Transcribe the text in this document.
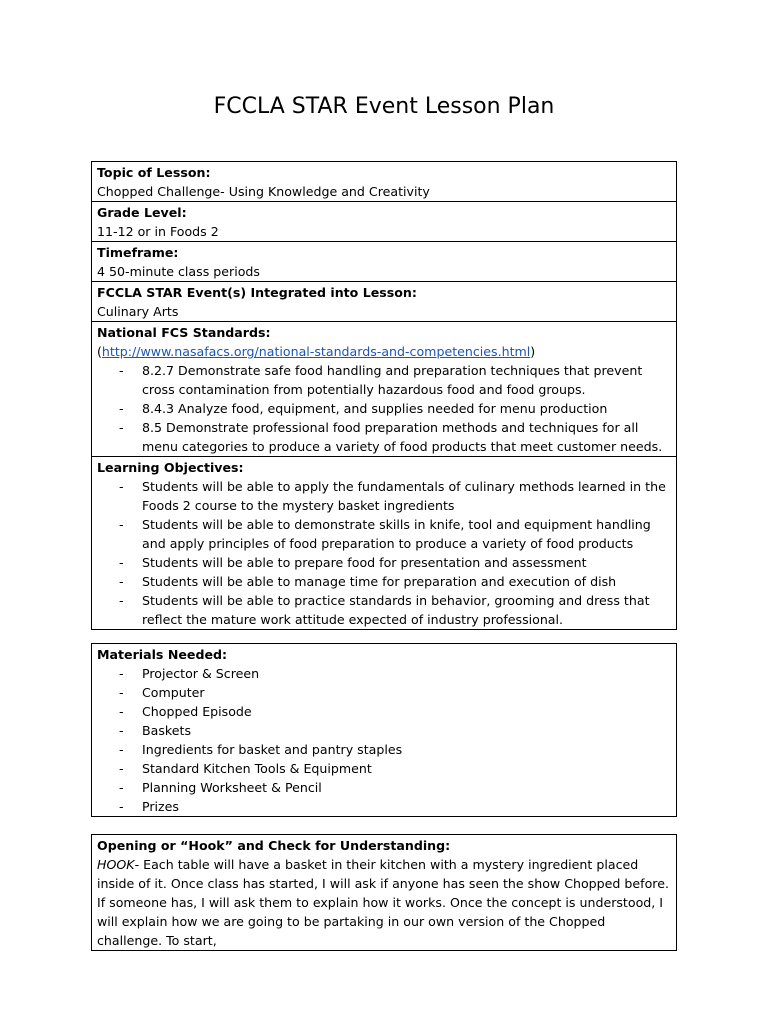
FCCLA STAR Event Lesson Plan
Topic of Lesson:
Chopped Challenge- Using Knowledge and Creativity
Grade Level:
11-12 or in Foods 2
Timeframe:
4 50-minute class periods
FCCLA STAR Event(s) Integrated into Lesson:
Culinary Arts
National FCS Standards:
(http://www.nasafacs.org/national-standards-and-competencies.html)
- 8.2.7 Demonstrate safe food handling and preparation techniques that prevent cross contamination from potentially hazardous food and food groups.
- 8.4.3 Analyze food, equipment, and supplies needed for menu production
- 8.5 Demonstrate professional food preparation methods and techniques for all menu categories to produce a variety of food products that meet customer needs.
Learning Objectives:
- Students will be able to apply the fundamentals of culinary methods learned in the Foods 2 course to the mystery basket ingredients
- Students will be able to demonstrate skills in knife, tool and equipment handling and apply principles of food preparation to produce a variety of food products
- Students will be able to prepare food for presentation and assessment
- Students will be able to manage time for preparation and execution of dish
- Students will be able to practice standards in behavior, grooming and dress that reflect the mature work attitude expected of industry professional.
Materials Needed:
- Projector & Screen
- Computer
- Chopped Episode
- Baskets
- Ingredients for basket and pantry staples
- Standard Kitchen Tools & Equipment
- Planning Worksheet & Pencil
- Prizes
Opening or “Hook” and Check for Understanding:
HOOK- Each table will have a basket in their kitchen with a mystery ingredient placed inside of it. Once class has started, I will ask if anyone has seen the show Chopped before. If someone has, I will ask them to explain how it works. Once the concept is understood, I will explain how we are going to be partaking in our own version of the Chopped challenge. To start,
